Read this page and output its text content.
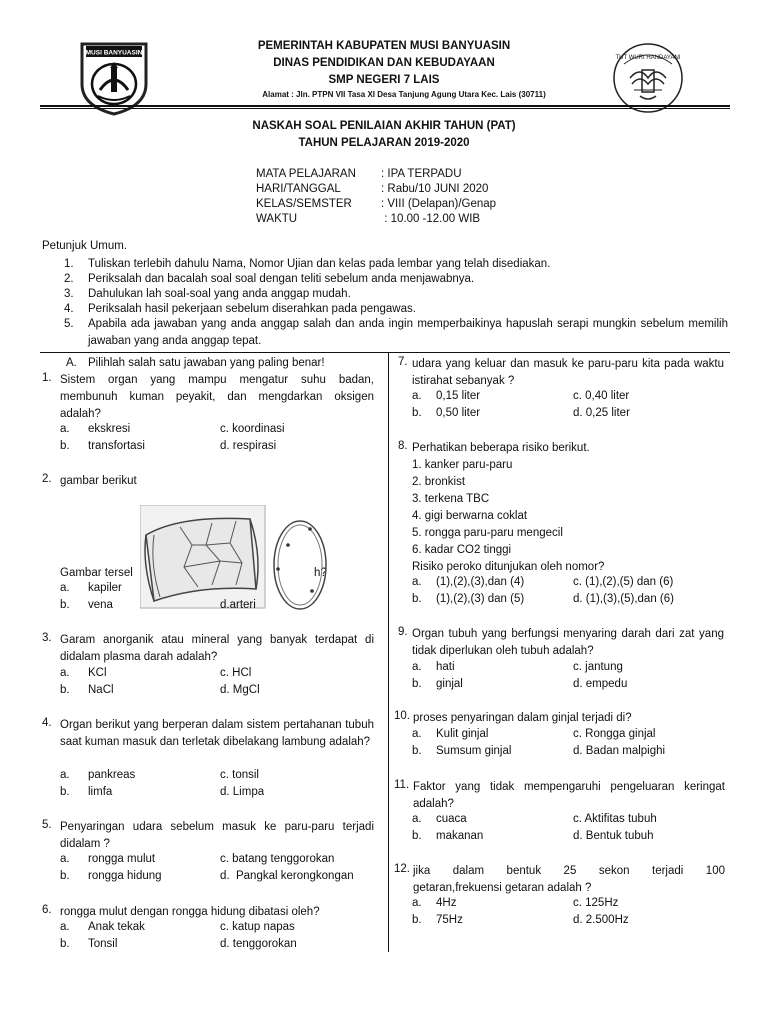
MUSI BANYUASIN
TUT WURI HANDAYANI
PEMERINTAH KABUPATEN MUSI BANYUASIN
DINAS PENDIDIKAN DAN KEBUDAYAAN
SMP NEGERI 7 LAIS
Alamat : Jln. PTPN VII Tasa XI Desa Tanjung Agung Utara Kec. Lais (30711)
NASKAH SOAL PENILAIAN AKHIR TAHUN (PAT)
TAHUN PELAJARAN 2019-2020
MATA PELAJARAN : IPA TERPADU
HARI/TANGGAL	: Rabu/10 JUNI 2020
KELAS/SEMSTER	: VIII (Delapan)/Genap
WAKTU	: 10.00 -12.00 WIB
Petunjuk Umum.
1. Tuliskan terlebih dahulu Nama, Nomor Ujian dan kelas pada lembar yang telah disediakan.
2. Periksalah dan bacalah soal soal dengan teliti sebelum anda menjawabnya.
3. Dahulukan lah soal-soal yang anda anggap mudah.
4. Periksalah hasil pekerjaan sebelum diserahkan pada pengawas.
5. Apabila ada jawaban yang anda anggap salah dan anda ingin memperbaikinya hapuslah serapi mungkin sebelum memilih jawaban yang anda anggap tepat.
A. Pilihlah salah satu jawaban yang paling benar!
1. Sistem organ yang mampu mengatur suhu badan, membunuh kuman peyakit, dan mengdarkan oksigen adalah?
a. ekskresi	c. koordinasi
b. transfortasi	d. respirasi
2. gambar berikut
Gambar tersel	h?
a. kapiler
b. vena	d.arteri
3. Garam anorganik atau mineral yang banyak terdapat di didalam plasma darah adalah?
a. KCl	c. HCl
b. NaCl	d. MgCl
4. Organ berikut yang berperan dalam sistem pertahanan tubuh saat kuman masuk dan terletak dibelakang lambung adalah?
a. pankreas	c. tonsil
b. limfa	d. Limpa
5. Penyaringan udara sebelum masuk ke paru-paru terjadi didalam ?
a. rongga mulut	c. batang tenggorokan
b. rongga hidung	d.  Pangkal kerongkongan
6. rongga mulut dengan rongga hidung dibatasi oleh?
a. Anak tekak	c. katup napas
b. Tonsil	d. tenggorokan
7. udara yang keluar dan masuk ke paru-paru kita pada waktu istirahat sebanyak ?
a. 0,15 liter	c. 0,40 liter
b. 0,50 liter	d. 0,25 liter
8. Perhatikan beberapa risiko berikut.
1. kanker paru-paru
2. bronkist
3. terkena TBC
4. gigi berwarna coklat
5. rongga paru-paru mengecil
6. kadar CO2 tinggi
Risiko peroko ditunjukan oleh nomor?
a. (1),(2),(3),dan (4)	c. (1),(2),(5) dan (6)
b. (1),(2),(3) dan (5)	d. (1),(3),(5),dan (6)
9. Organ tubuh yang berfungsi menyaring darah dari zat yang tidak diperlukan oleh tubuh adalah?
a. hati	c. jantung
b. ginjal	d. empedu
10. proses penyaringan dalam ginjal terjadi di?
a. Kulit ginjal	c. Rongga ginjal
b. Sumsum ginjal	d. Badan malpighi
11. Faktor yang tidak mempengaruhi pengeluaran keringat adalah?
a. cuaca	c. Aktifitas tubuh
b. makanan	d. Bentuk tubuh
12. jika      dalam      bentuk      25      sekon      terjadi      100 getaran,frekuensi getaran adalah ?
a. 4Hz	c. 125Hz
b. 75Hz	d. 2.500Hz
